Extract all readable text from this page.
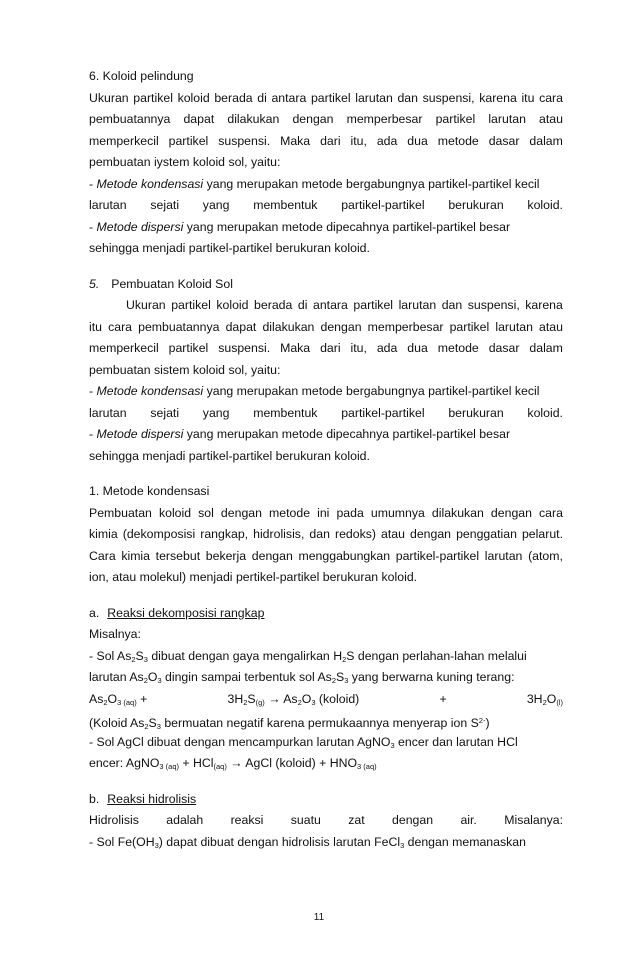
6. Koloid pelindung
Ukuran partikel koloid berada di antara partikel larutan dan suspensi, karena itu cara
pembuatannya dapat dilakukan dengan memperbesar partikel larutan atau
memperkecil partikel suspensi. Maka dari itu, ada dua metode dasar dalam
pembuatan iystem koloid sol, yaitu:
- Metode kondensasi yang merupakan metode bergabungnya partikel-partikel kecil
larutan sejati yang membentuk partikel-partikel berukuran koloid.
- Metode dispersi yang merupakan metode dipecahnya partikel-partikel besar
sehingga menjadi partikel-partikel berukuran koloid.
5. Pembuatan Koloid Sol
Ukuran partikel koloid berada di antara partikel larutan dan suspensi, karena
itu cara pembuatannya dapat dilakukan dengan memperbesar partikel larutan atau
memperkecil partikel suspensi. Maka dari itu, ada dua metode dasar dalam
pembuatan sistem koloid sol, yaitu:
- Metode kondensasi yang merupakan metode bergabungnya partikel-partikel kecil
larutan sejati yang membentuk partikel-partikel berukuran koloid.
- Metode dispersi yang merupakan metode dipecahnya partikel-partikel besar
sehingga menjadi partikel-partikel berukuran koloid.
1. Metode kondensasi
Pembuatan koloid sol dengan metode ini pada umumnya dilakukan dengan cara
kimia (dekomposisi rangkap, hidrolisis, dan redoks) atau dengan penggatian pelarut.
Cara kimia tersebut bekerja dengan menggabungkan partikel-partikel larutan (atom,
ion, atau molekul) menjadi pertikel-partikel berukuran koloid.
a. Reaksi dekomposisi rangkap
Misalnya:
- Sol $As_2S_3$ dibuat dengan gaya mengalirkan $H_2S$ dengan perlahan-lahan melalui
larutan $As_2O_3$ dingin sampai terbentuk sol $As_2S_3$ yang berwarna kuning terang:
$As_2O_3$ $_{(aq)}$ +	$3H_2S_{(g)} \to As_2O_3$ (koloid)	+	$3H_2O_{(l)}$
(Koloid $As_2S_3$ bermuatan negatif karena permukaannya menyerap ion $S^{2-}$)
- Sol AgCl dibuat dengan mencampurkan larutan AgNO$_3$ encer dan larutan HCl
encer: AgNO$_3$ $_{(aq)}$ + HCl$_{(aq)}$ → AgCl (koloid) + $HNO_3$ $_{(aq)}$
b. Reaksi hidrolisis
Hidrolisis adalah reaksi suatu zat dengan air. Misalanya:
- Sol $Fe(OH_3)$ dapat dibuat dengan hidrolisis larutan FeCl$_3$ dengan memanaskan
11
